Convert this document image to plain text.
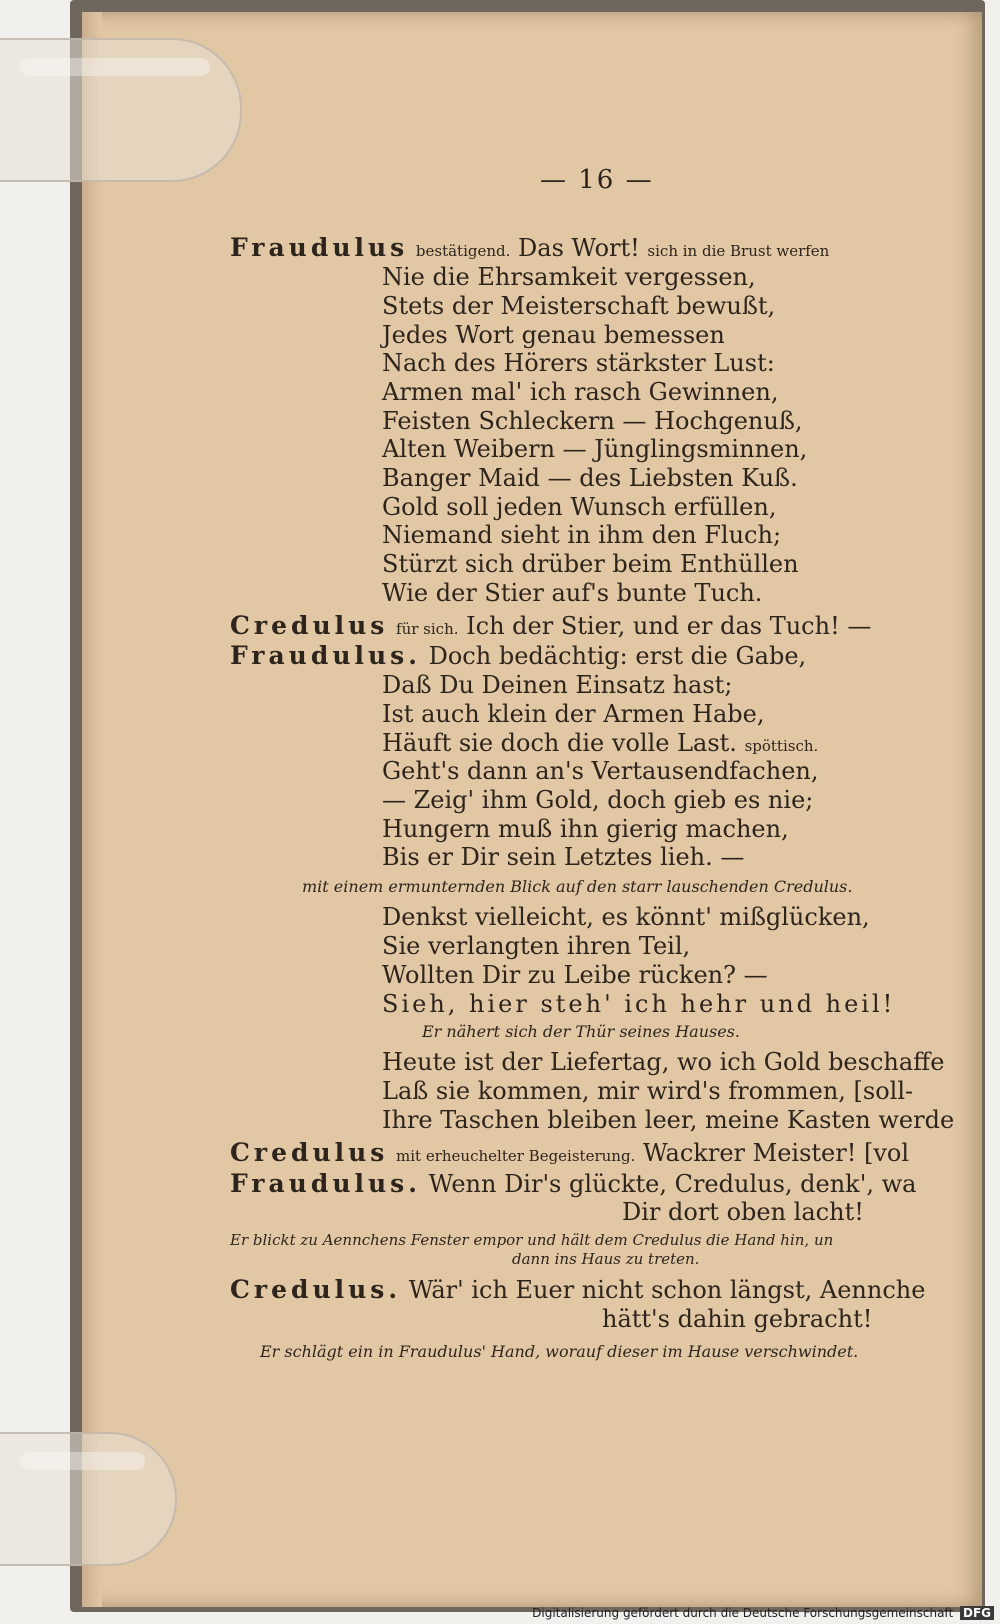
— 16 —
Fraudulus bestätigend. Das Wort! sich in die Brust werfen
Nie die Ehrsamkeit vergessen,
Stets der Meisterschaft bewußt,
Jedes Wort genau bemessen
Nach des Hörers stärkster Lust:
Armen mal' ich rasch Gewinnen,
Feisten Schleckern — Hochgenuß,
Alten Weibern — Jünglingsminnen,
Banger Maid — des Liebsten Kuß.
Gold soll jeden Wunsch erfüllen,
Niemand sieht in ihm den Fluch;
Stürzt sich drüber beim Enthüllen
Wie der Stier auf's bunte Tuch.
Credulus für sich. Ich der Stier, und er das Tuch! —
Fraudulus. Doch bedächtig: erst die Gabe,
Daß Du Deinen Einsatz hast;
Ist auch klein der Armen Habe,
Häuft sie doch die volle Last. spöttisch.
Geht's dann an's Vertausendfachen,
— Zeig' ihm Gold, doch gieb es nie;
Hungern muß ihn gierig machen,
Bis er Dir sein Letztes lieh. —
mit einem ermunternden Blick auf den starr lauschenden Credulus.
Denkst vielleicht, es könnt' mißglücken,
Sie verlangten ihren Teil,
Wollten Dir zu Leibe rücken? —
Sieh, hier steh' ich hehr und heil!
Er nähert sich der Thür seines Hauses.
Heute ist der Liefertag, wo ich Gold beschaffe
Laß sie kommen, mir wird's frommen, [soll-
Ihre Taschen bleiben leer, meine Kasten werde
Credulus mit erheuchelter Begeisterung. Wackrer Meister! [vol
Fraudulus. Wenn Dir's glückte, Credulus, denk', wa
Dir dort oben lacht!
Er blickt zu Aennchens Fenster empor und hält dem Credulus die Hand hin, un
dann ins Haus zu treten.
Credulus. Wär' ich Euer nicht schon längst, Aennche
hätt's dahin gebracht!
Er schlägt ein in Fraudulus' Hand, worauf dieser im Hause verschwindet.
Digitalisierung gefördert durch die Deutsche Forschungsgemeinschaft DFG
